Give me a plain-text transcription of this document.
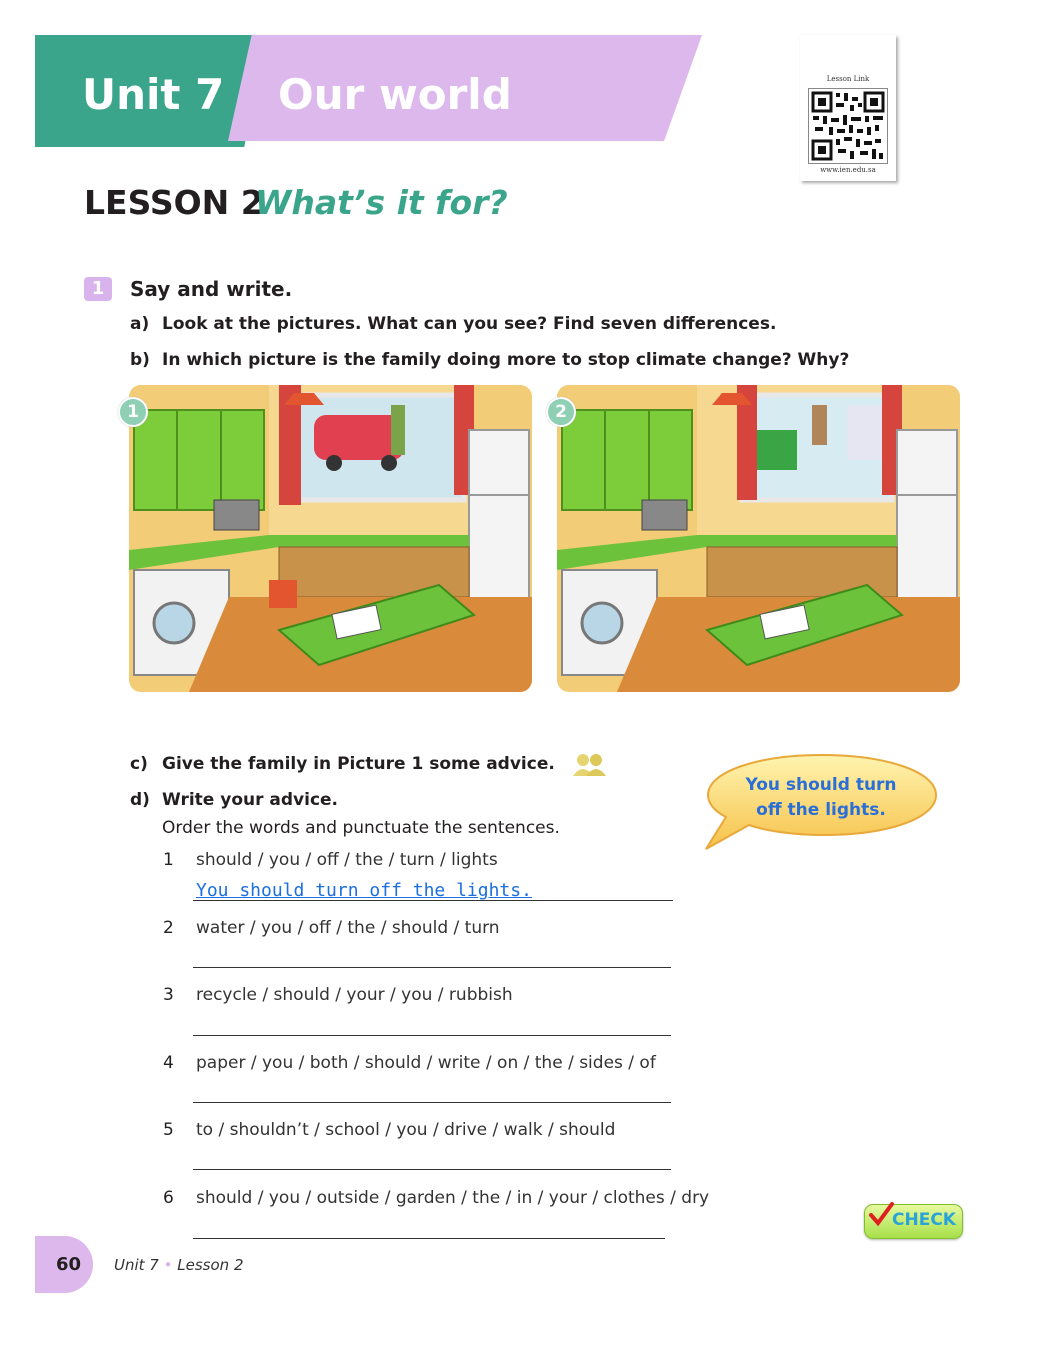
Unit 7 Our world	Lesson Link
www.ien.edu.sa
LESSON 2
What’s it for?
1	Say and write.
a) Look at the pictures. What can you see? Find seven differences.
b) In which picture is the family doing more to stop climate change? Why?
1	2
c) Give the family in Picture 1 some advice.
d) Write your advice.
Order the words and punctuate the sentences.
1 should / you / off / the / turn / lights
You should turn off the lights.
2 water / you / off / the / should / turn
3 recycle / should / your / you / rubbish
4 paper / you / both / should / write / on / the / sides / of
5 to / shouldn’t / school / you / drive / walk / should
6 should / you / outside / garden / the / in / your / clothes / dry
You should turn
off the lights.
CHECK
60 Unit 7 • Lesson 2
